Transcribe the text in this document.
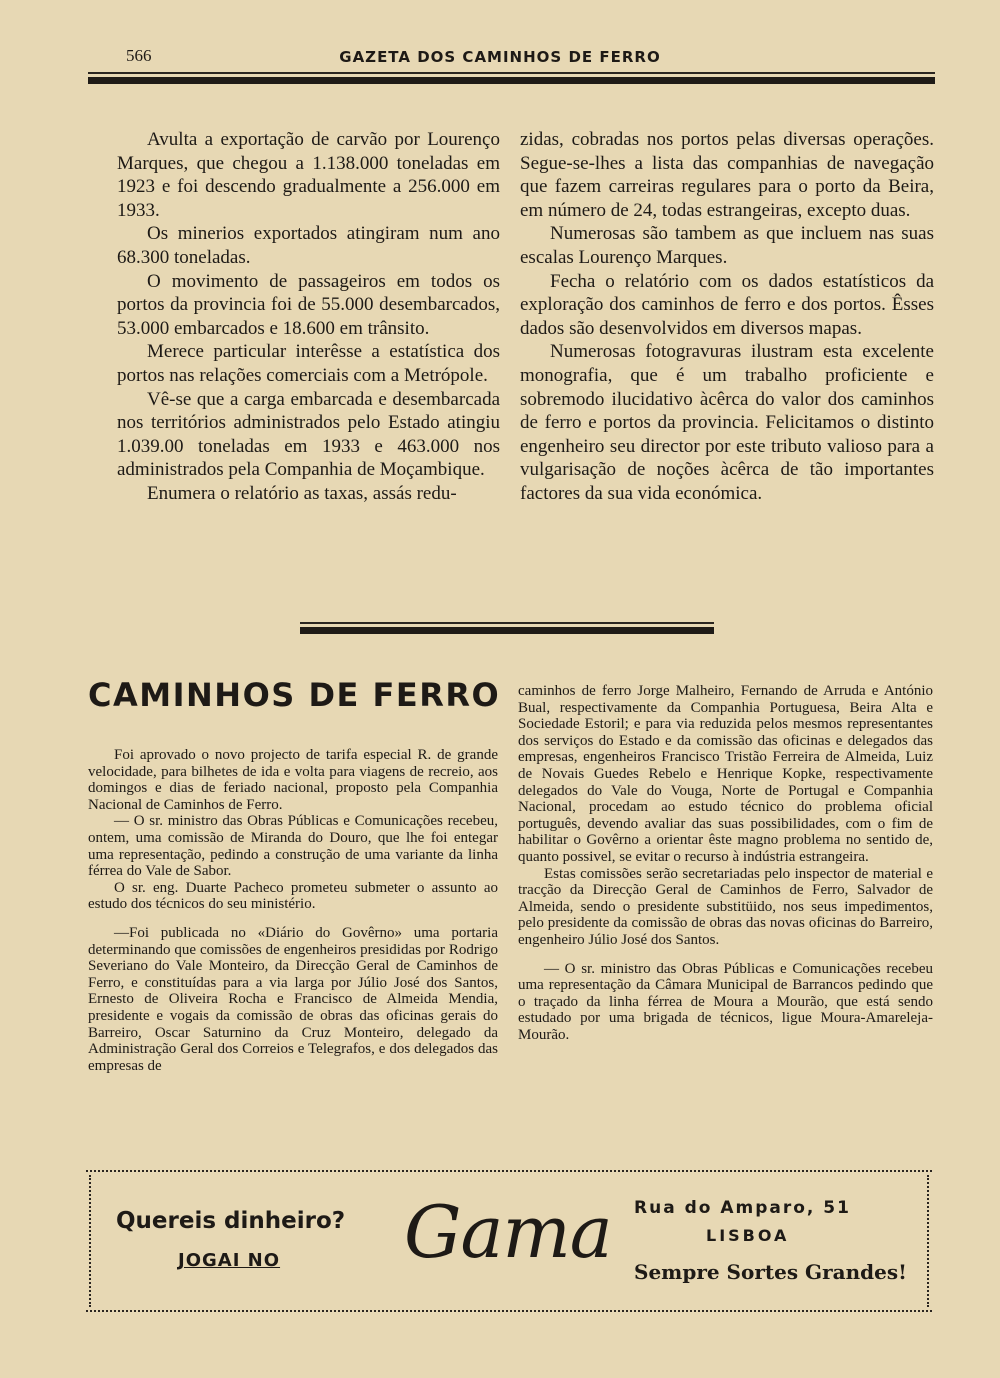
566	GAZETA DOS CAMINHOS DE FERRO

Avulta a exportação de carvão por Lourenço Marques, que chegou a 1.138.000 toneladas em 1923 e foi descendo gradualmente a 256.000 em 1933.

Os minerios exportados atingiram num ano 68.300 toneladas.

O movimento de passageiros em todos os portos da provincia foi de 55.000 desembarcados, 53.000 embarcados e 18.600 em trânsito.

Merece particular interêsse a estatística dos portos nas relações comerciais com a Metrópole.

Vê-se que a carga embarcada e desembarcada nos territórios administrados pelo Estado atingiu 1.039.00 toneladas em 1933 e 463.000 nos administrados pela Companhia de Moçambique.

Enumera o relatório as taxas, assás redu-

zidas, cobradas nos portos pelas diversas operações. Segue-se-lhes a lista das companhias de navegação que fazem carreiras regulares para o porto da Beira, em número de 24, todas estrangeiras, excepto duas.

Numerosas são tambem as que incluem nas suas escalas Lourenço Marques.

Fecha o relatório com os dados estatísticos da exploração dos caminhos de ferro e dos portos. Êsses dados são desenvolvidos em diversos mapas.

Numerosas fotogravuras ilustram esta excelente monografia, que é um trabalho proficiente e sobremodo ilucidativo àcêrca do valor dos caminhos de ferro e portos da provincia. Felicitamos o distinto engenheiro seu director por este tributo valioso para a vulgarisação de noções àcêrca de tão importantes factores da sua vida económica.

CAMINHOS DE FERRO

Foi aprovado o novo projecto de tarifa especial R. de grande velocidade, para bilhetes de ida e volta para viagens de recreio, aos domingos e dias de feriado nacional, proposto pela Companhia Nacional de Caminhos de Ferro.

— O sr. ministro das Obras Públicas e Comunicações recebeu, ontem, uma comissão de Miranda do Douro, que lhe foi entegar uma representação, pedindo a construção de uma variante da linha férrea do Vale de Sabor.

O sr. eng. Duarte Pacheco prometeu submeter o assunto ao estudo dos técnicos do seu ministério.

—Foi publicada no «Diário do Govêrno» uma portaria determinando que comissões de engenheiros presididas por Rodrigo Severiano do Vale Monteiro, da Direcção Geral de Caminhos de Ferro, e constituídas para a via larga por Júlio José dos Santos, Ernesto de Oliveira Rocha e Francisco de Almeida Mendia, presidente e vogais da comissão de obras das oficinas gerais do Barreiro, Oscar Saturnino da Cruz Monteiro, delegado da Administração Geral dos Correios e Telegrafos, e dos delegados das empresas de

caminhos de ferro Jorge Malheiro, Fernando de Arruda e António Bual, respectivamente da Companhia Portuguesa, Beira Alta e Sociedade Estoril; e para via reduzida pelos mesmos representantes dos serviços do Estado e da comissão das oficinas e delegados das empresas, engenheiros Francisco Tristão Ferreira de Almeida, Luiz de Novais Guedes Rebelo e Henrique Kopke, respectivamente delegados do Vale do Vouga, Norte de Portugal e Companhia Nacional, procedam ao estudo técnico do problema oficial português, devendo avaliar das suas possibilidades, com o fim de habilitar o Govêrno a orientar êste magno problema no sentido de, quanto possivel, se evitar o recurso à indústria estrangeira.

Estas comissões serão secretariadas pelo inspector de material e tracção da Direcção Geral de Caminhos de Ferro, Salvador de Almeida, sendo o presidente substitüido, nos seus impedimentos, pelo presidente da comissão de obras das novas oficinas do Barreiro, engenheiro Júlio José dos Santos.

— O sr. ministro das Obras Públicas e Comunicações recebeu uma representação da Câmara Municipal de Barrancos pedindo que o traçado da linha férrea de Moura a Mourão, que está sendo estudado por uma brigada de técnicos, ligue Moura-Amareleja-Mourão.

Quereis dinheiro?
JOGAI NO Gama Rua do Amparo, 51
LISBOA
Sempre Sortes Grandes!
